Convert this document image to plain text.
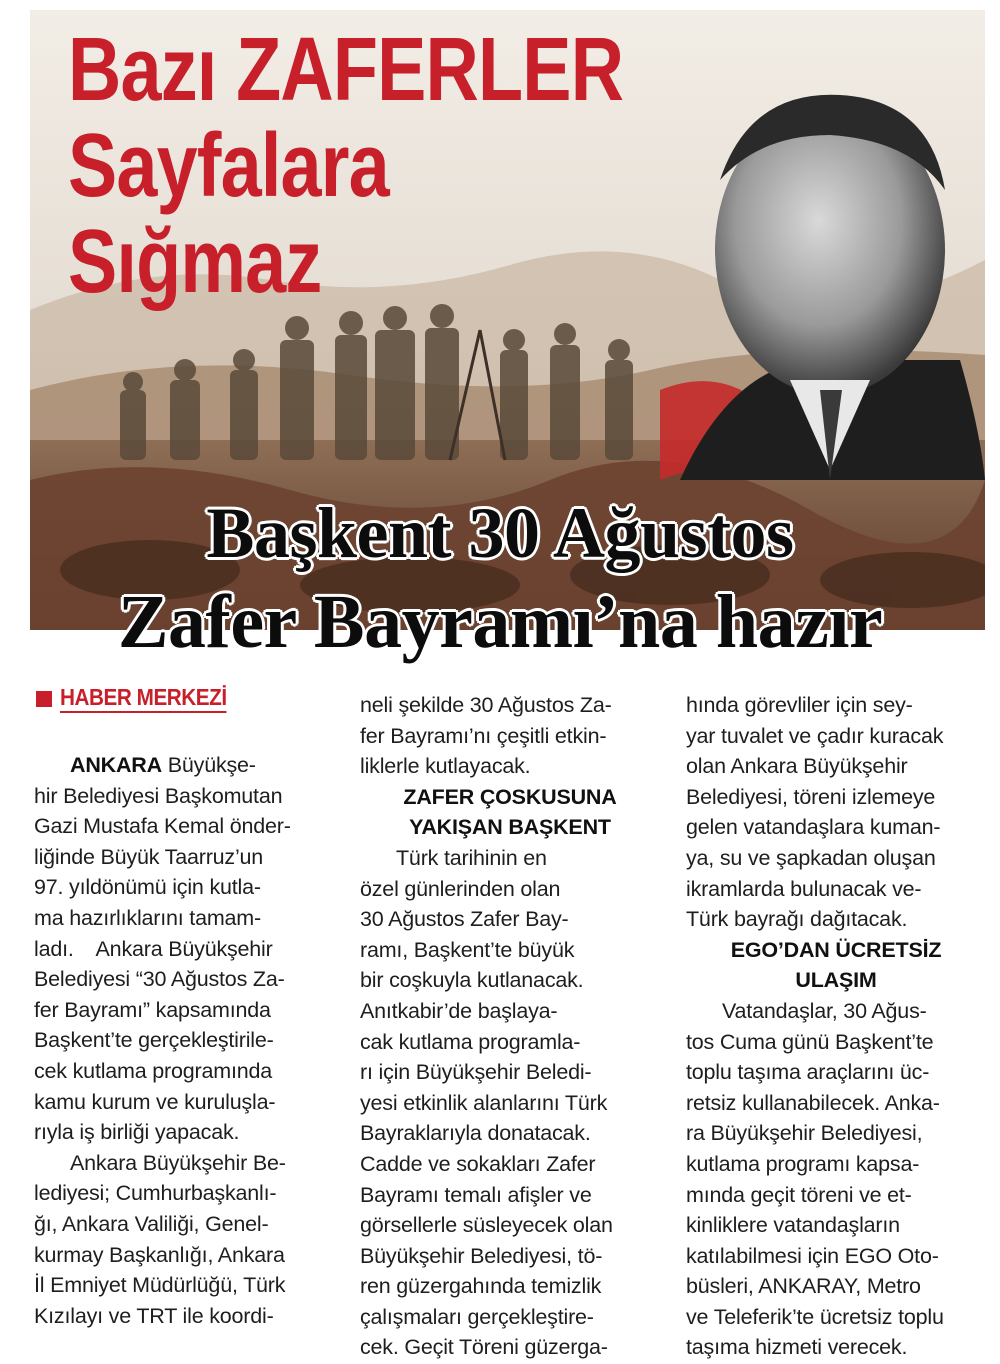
Bazı ZAFERLER
Sayfalara
Sığmaz
Başkent 30 Ağustos
Zafer Bayramı’na hazır
HABER MERKEZİ
ANKARA Büyükşe-
hir Belediyesi Başkomutan
Gazi Mustafa Kemal önder-
liğinde Büyük Taarruz’un
97. yıldönümü için kutla-
ma hazırlıklarını tamam-
ladı.    Ankara Büyükşehir
Belediyesi “30 Ağustos Za-
fer Bayramı” kapsamında
Başkent’te gerçekleştirile-
cek kutlama programında
kamu kurum ve kuruluşla-
rıyla iş birliği yapacak.
Ankara Büyükşehir Be-
lediyesi; Cumhurbaşkanlı-
ğı, Ankara Valiliği, Genel-
kurmay Başkanlığı, Ankara
İl Emniyet Müdürlüğü, Türk
Kızılayı ve TRT ile koordi-
neli şekilde 30 Ağustos Za-
fer Bayramı’nı çeşitli etkin-
liklerle kutlayacak.
ZAFER ÇOSKUSUNA
YAKIŞAN BAŞKENT
Türk tarihinin en
özel günlerinden olan
30 Ağustos Zafer Bay-
ramı, Başkent’te büyük
bir coşkuyla kutlanacak.
Anıtkabir’de başlaya-
cak kutlama programla-
rı için Büyükşehir Beledi-
yesi etkinlik alanlarını Türk
Bayraklarıyla donatacak.
Cadde ve sokakları Zafer
Bayramı temalı afişler ve
görsellerle süsleyecek olan
Büyükşehir Belediyesi, tö-
ren güzergahında temizlik
çalışmaları gerçekleştire-
cek. Geçit Töreni güzerga-
hında görevliler için sey-
yar tuvalet ve çadır kuracak
olan Ankara Büyükşehir
Belediyesi, töreni izlemeye
gelen vatandaşlara kuman-
ya, su ve şapkadan oluşan
ikramlarda bulunacak ve-
Türk bayrağı dağıtacak.
EGO’DAN ÜCRETSİZ
ULAŞIM
Vatandaşlar, 30 Ağus-
tos Cuma günü Başkent’te
toplu taşıma araçlarını üc-
retsiz kullanabilecek. Anka-
ra Büyükşehir Belediyesi,
kutlama programı kapsa-
mında geçit töreni ve et-
kinliklere vatandaşların
katılabilmesi için EGO Oto-
büsleri, ANKARAY, Metro
ve Teleferik’te ücretsiz toplu
taşıma hizmeti verecek.
